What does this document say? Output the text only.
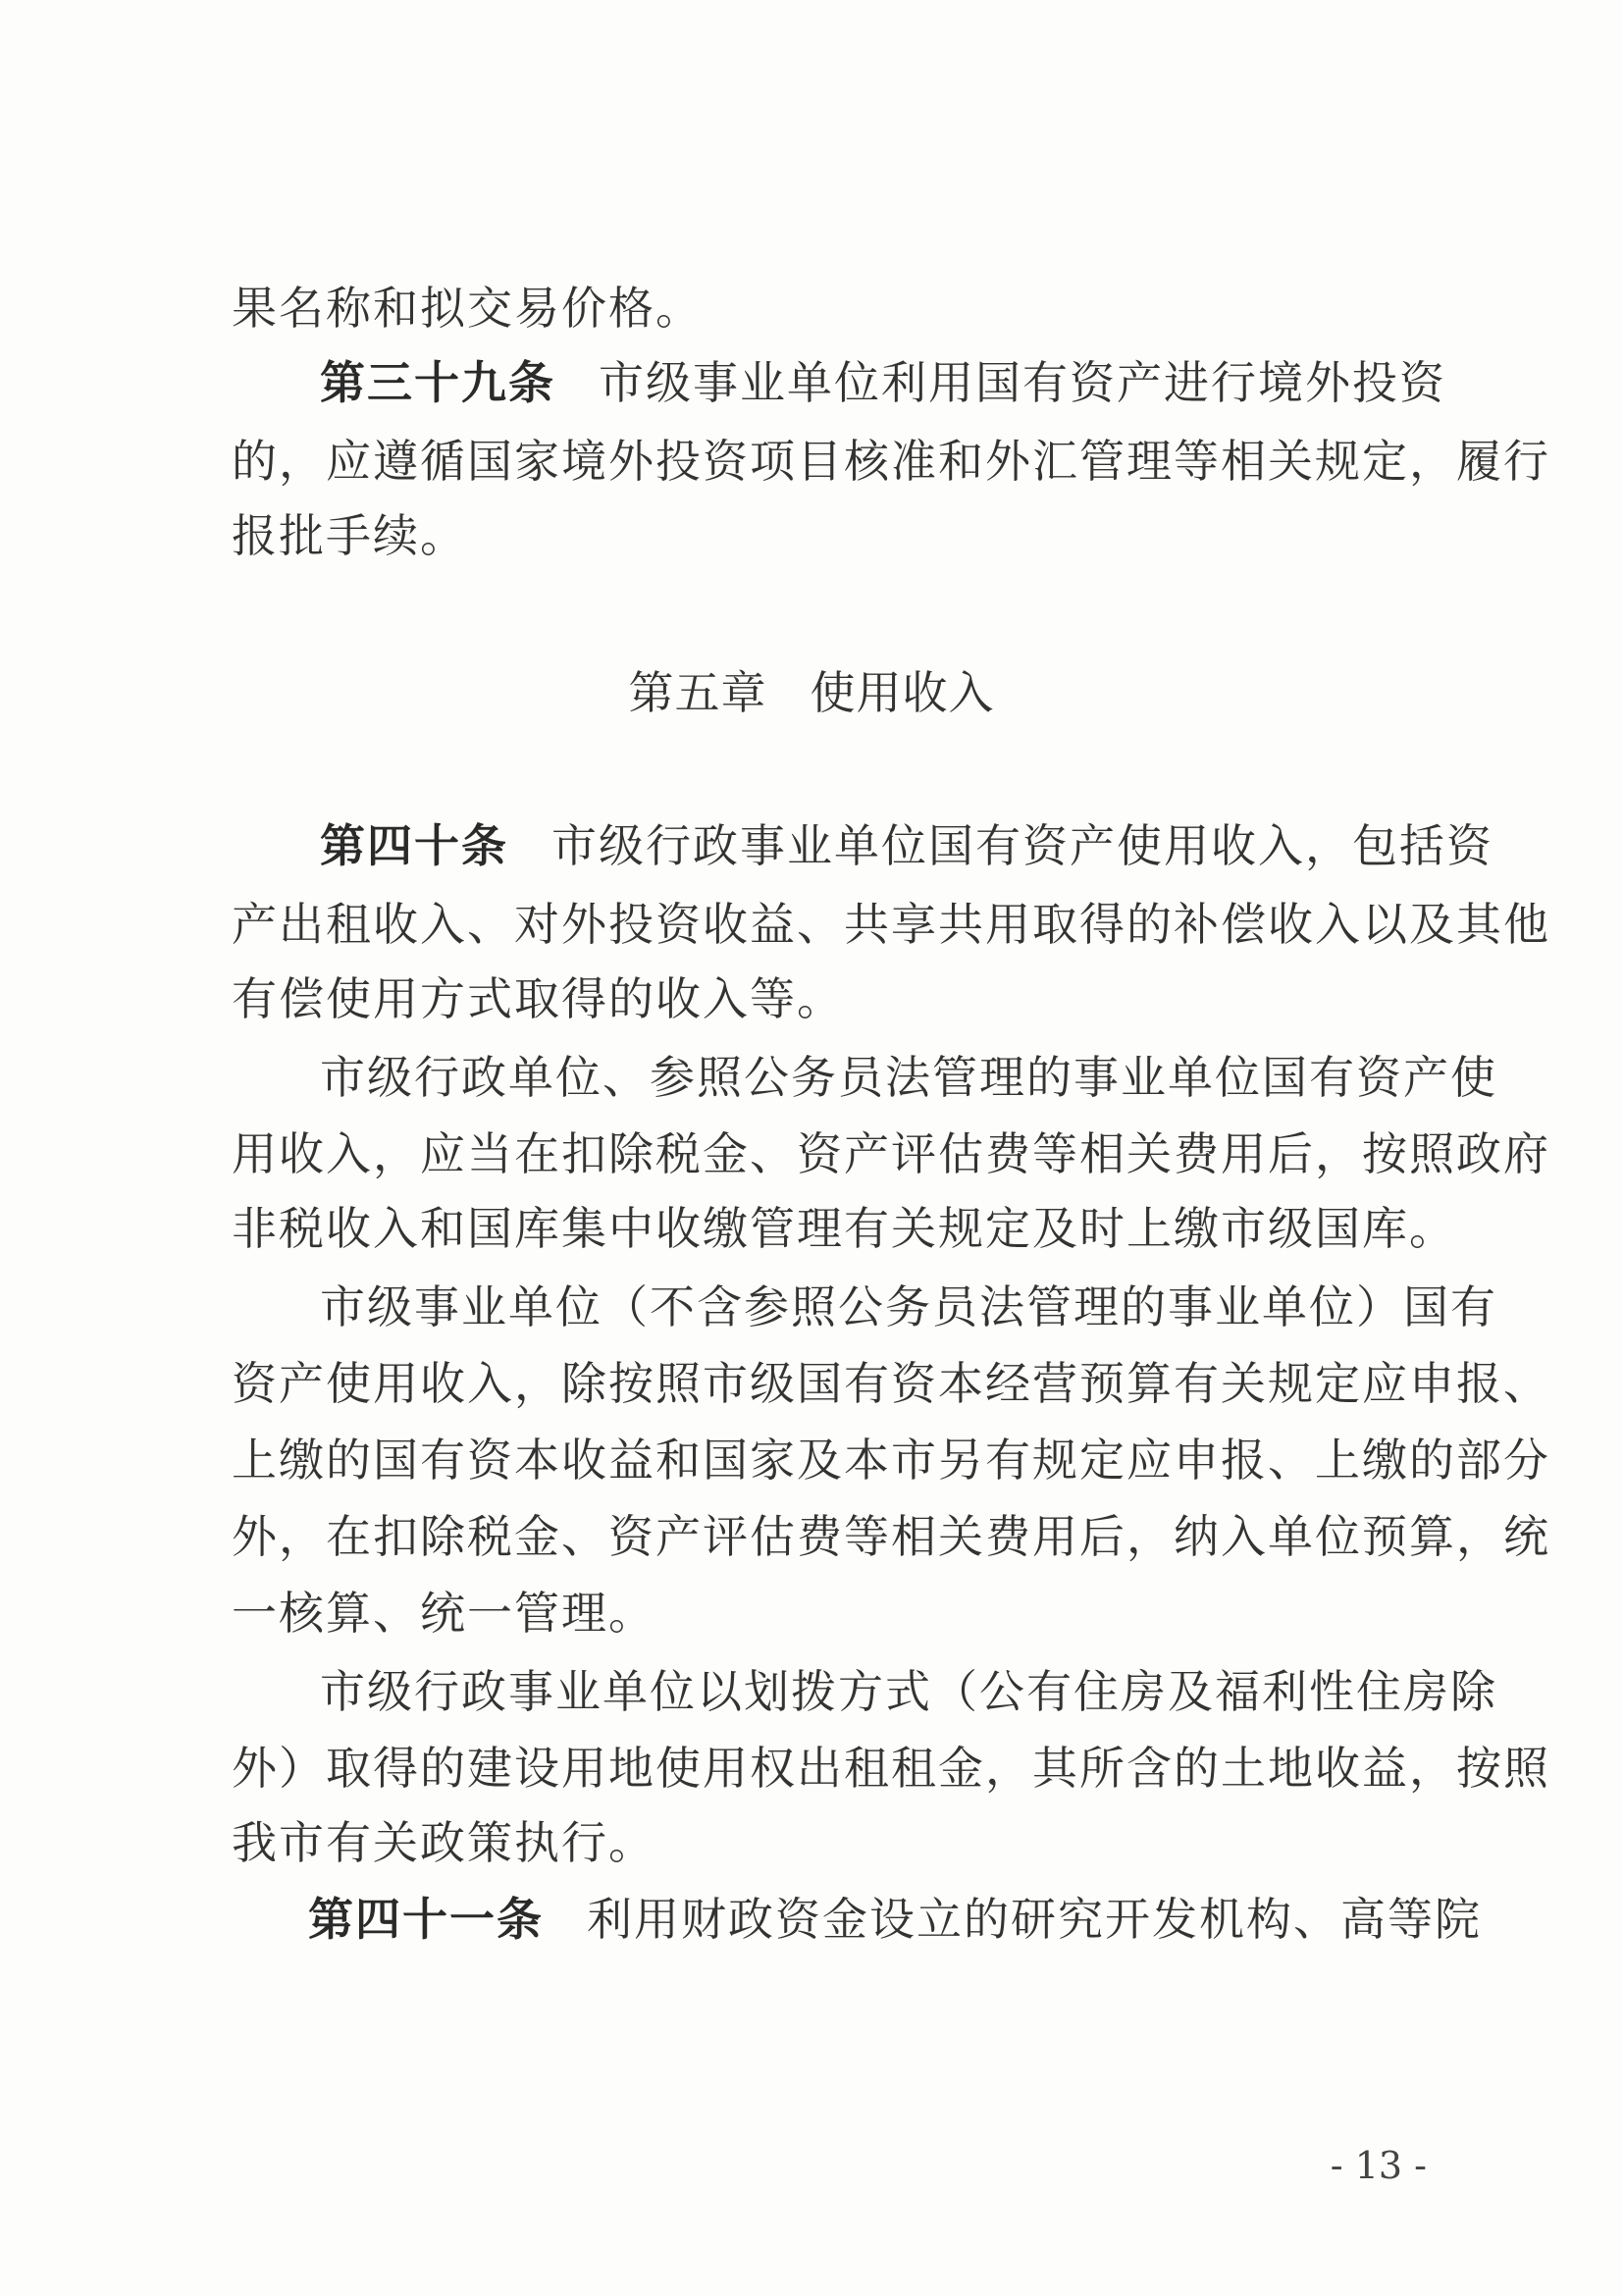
果名称和拟交易价格。
第三十九条 市级事业单位利用国有资产进行境外投资
的，应遵循国家境外投资项目核准和外汇管理等相关规定，履行
报批手续。
第五章 使用收入
第四十条 市级行政事业单位国有资产使用收入，包括资
产出租收入、对外投资收益、共享共用取得的补偿收入以及其他
有偿使用方式取得的收入等。
市级行政单位、参照公务员法管理的事业单位国有资产使
用收入，应当在扣除税金、资产评估费等相关费用后，按照政府
非税收入和国库集中收缴管理有关规定及时上缴市级国库。
市级事业单位（不含参照公务员法管理的事业单位）国有
资产使用收入，除按照市级国有资本经营预算有关规定应申报、
上缴的国有资本收益和国家及本市另有规定应申报、上缴的部分
外，在扣除税金、资产评估费等相关费用后，纳入单位预算，统
一核算、统一管理。
市级行政事业单位以划拨方式（公有住房及福利性住房除
外）取得的建设用地使用权出租租金，其所含的土地收益，按照
我市有关政策执行。
第四十一条 利用财政资金设立的研究开发机构、高等院
- 13 -
